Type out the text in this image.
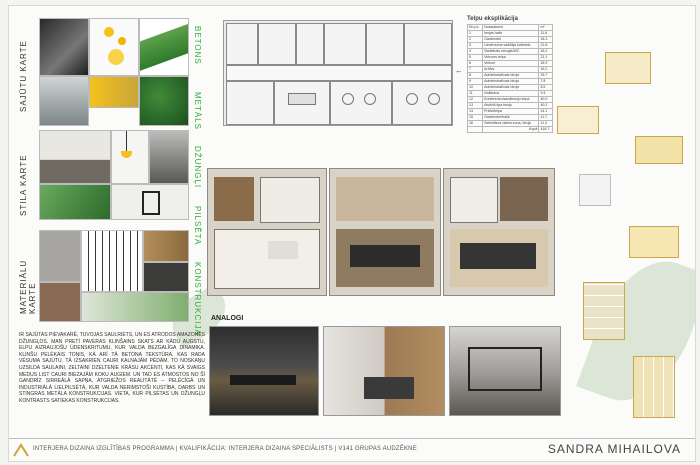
SAJŪTU KARTE
STILA KARTE
MATERIĀLU KARTE
BETONS
METĀLS
DŽUNGĻI
PILSĒTA
KONSTRUKCIJA
←
Telpu eksplikācija
Nr.p.k.	Nosaukums	m²
1	Ieejas halle	11.6
2	Garderobe	18.3
3	Uzņēmuma vadītāja kabinets	21.8
4	Sanitārais mezgls/WC	18.2
5	Virtuves telpa	21.1
6	Virtuve	18.9
7	Arhīvs	18.2
8	Administratīvais birojs	33.7
9	Administratīvais birojs	7.8
10	Administratīvais birojs	8.5
11	Noliktava	9.4
12	Konferenču/sanāksmju telpa	40.0
13	Atvērtā tipa birojs	40.2
14	Priekštelpa	14.1
15	Garderobe/halle	11.7
16	Sekretāres darba zona, birojs	11.2
	Kopā	416.7
ANALOGI
IR SAJŪTAS PIEVAKARĒ, TUVOJAS SAULRIETS, UN ES ATRODOS AMAZONES DŽUNGĻOS. MAN PRETĪ PAVERAS KLINŠAINS SKATS AR KĀDU AUGSTU, ELPU AIZRAUJOŠU ŪDENSKRITUMU, KUR VALDA BEZGALĪGA DINAMIKA. KLINŠU PELĒKAIS TOŅIS, KĀ ARĪ TĀ BETONA TEKSTŪRA, KAS RADA VĒSUMA SAJŪTU. TĀ IZSAKRIEN CAURI KALNAJĀM PĒDĀM. TO NOSKAŅU UZSILDA SAULAINI, ZELTAINI DZELTENIE KRĀSU AKCENTI, KAS KĀ SVAIGS MEDUS LIST CAURI BIEZAJĀM KOKU AUGIEM. UN TAD ES ATMOSTOS NO ŠĪ GANDRĪZ SIRREĀLĀ SAPŅA, ATGRIEŽOS REALITĀTĒ – PELĒCĪGĀ UN INDUSTRIĀLĀ LIELPILSĒTĀ, KUR VALDA NERIMSTOŠI KUSTĪBA, DARBS UN STINGRAS METĀLA KONSTRUKCIJAS. VIETA, KUR PILSĒTAS UN DŽUNGĻU KONTRASTS SATIEKAS KONSTRUKCIJAS.
INTERJERA DIZAINA IZGLĪTĪBAS PROGRAMMA | KVALIFIKĀCIJA: INTERJERA DIZAINA SPECIĀLISTS | V141 GRUPAS AUDZĒKNE	SANDRA MIHAILOVA
